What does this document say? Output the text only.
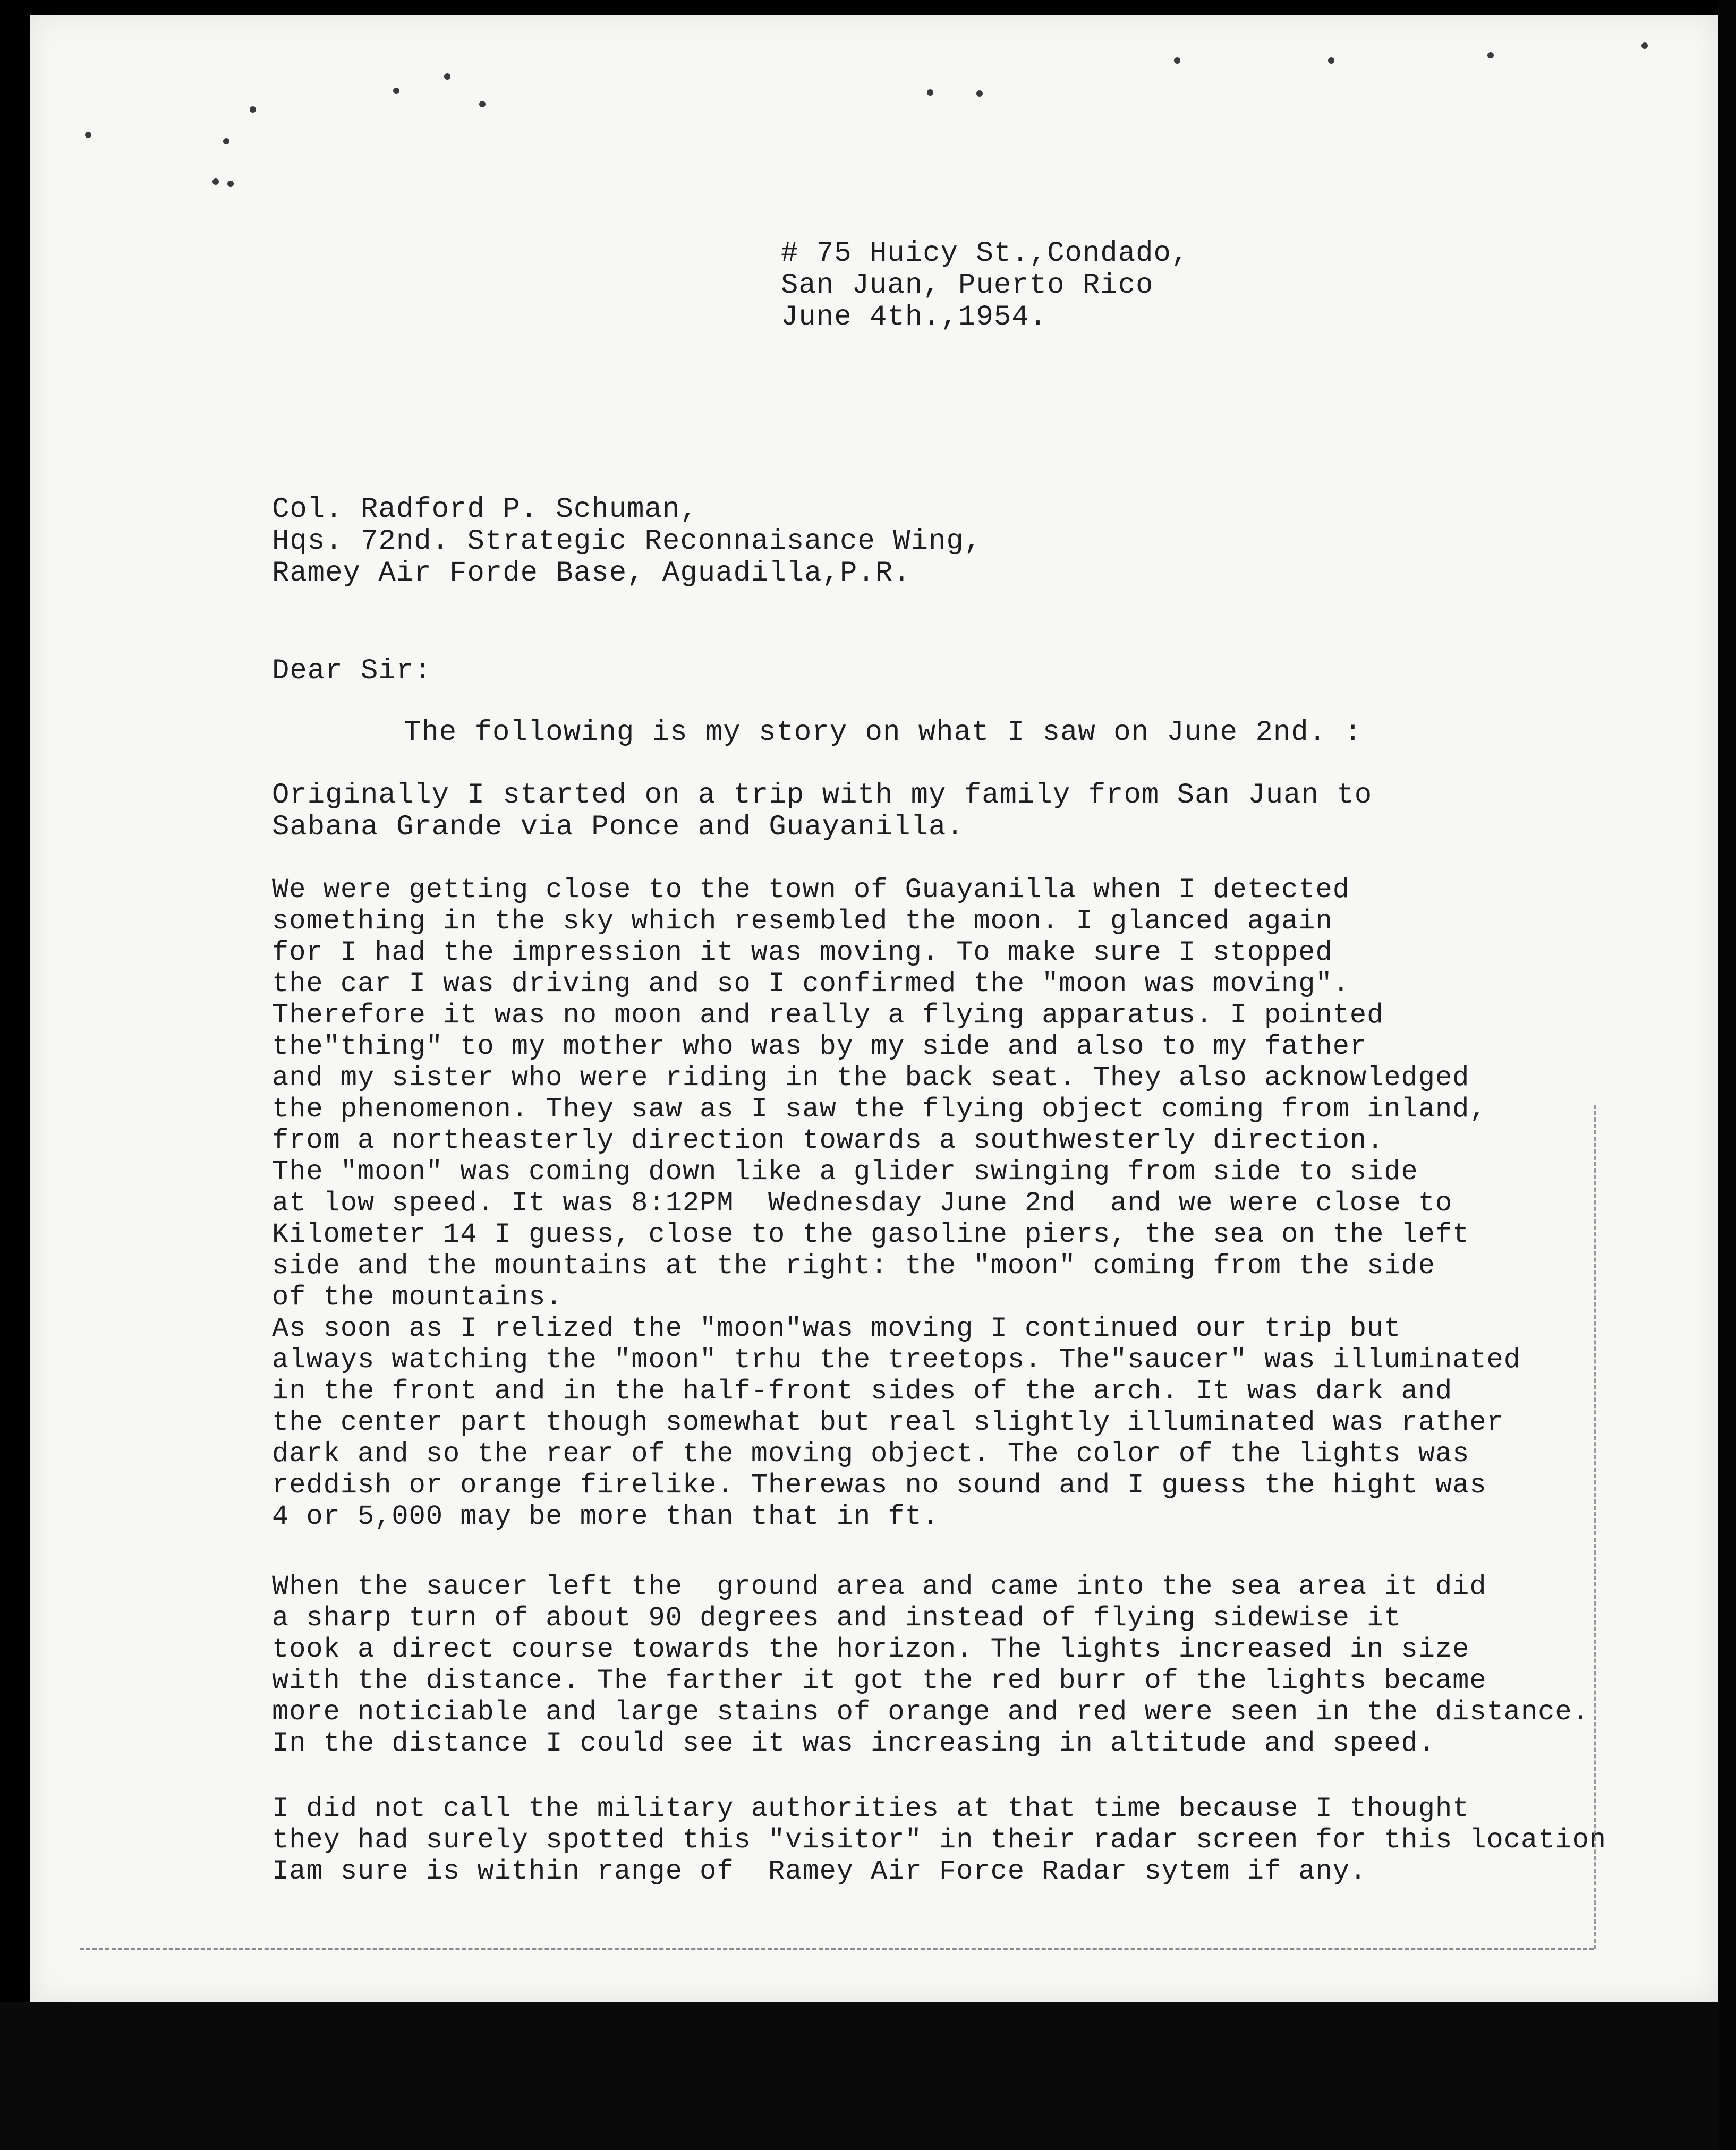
# 75 Huicy St.,Condado,
San Juan, Puerto Rico
June 4th.,1954.
Col. Radford P. Schuman,
Hqs. 72nd. Strategic Reconnaisance Wing,
Ramey Air Forde Base, Aguadilla,P.R.
Dear Sir:
The following is my story on what I saw on June 2nd. :
Originally I started on a trip with my family from San Juan to
Sabana Grande via Ponce and Guayanilla.
We were getting close to the town of Guayanilla when I detected
something in the sky which resembled the moon. I glanced again
for I had the impression it was moving. To make sure I stopped
the car I was driving and so I confirmed the "moon was moving".
Therefore it was no moon and really a flying apparatus. I pointed
the"thing" to my mother who was by my side and also to my father
and my sister who were riding in the back seat. They also acknowledged
the phenomenon. They saw as I saw the flying object coming from inland,
from a northeasterly direction towards a southwesterly direction.
The "moon" was coming down like a glider swinging from side to side
at low speed. It was 8:12PM  Wednesday June 2nd  and we were close to
Kilometer 14 I guess, close to the gasoline piers, the sea on the left
side and the mountains at the right: the "moon" coming from the side
of the mountains.
As soon as I relized the "moon"was moving I continued our trip but
always watching the "moon" trhu the treetops. The"saucer" was illuminated
in the front and in the half-front sides of the arch. It was dark and
the center part though somewhat but real slightly illuminated was rather
dark and so the rear of the moving object. The color of the lights was
reddish or orange firelike. Therewas no sound and I guess the hight was
4 or 5,000 may be more than that in ft.
When the saucer left the  ground area and came into the sea area it did
a sharp turn of about 90 degrees and instead of flying sidewise it
took a direct course towards the horizon. The lights increased in size
with the distance. The farther it got the red burr of the lights became
more noticiable and large stains of orange and red were seen in the distance.
In the distance I could see it was increasing in altitude and speed.
I did not call the military authorities at that time because I thought
they had surely spotted this "visitor" in their radar screen for this location
Iam sure is within range of  Ramey Air Force Radar sytem if any.
